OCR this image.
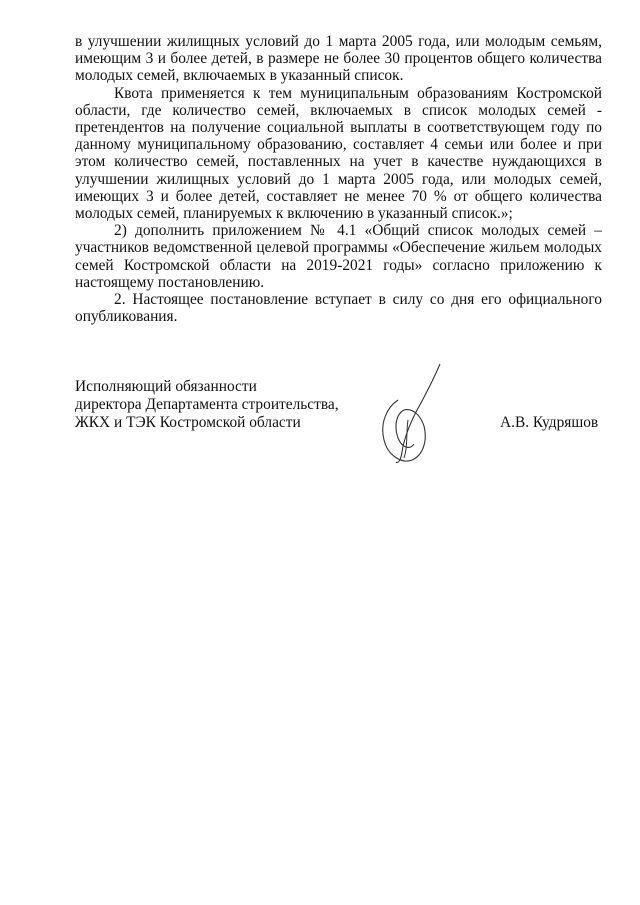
в улучшении жилищных условий до 1 марта 2005 года, или молодым семьям, имеющим 3 и более детей, в размере не более 30 процентов общего количества молодых семей, включаемых в указанный список.

Квота применяется к тем муниципальным образованиям Костромской области, где количество семей, включаемых в список молодых семей - претендентов на получение социальной выплаты в соответствующем году по данному муниципальному образованию, составляет 4 семьи или более и при этом количество семей, поставленных на учет в качестве нуждающихся в улучшении жилищных условий до 1 марта 2005 года, или молодых семей, имеющих 3 и более детей, составляет не менее 70 % от общего количества молодых семей, планируемых к включению в указанный список.»;

2) дополнить приложением № 4.1 «Общий список молодых семей – участников ведомственной целевой программы «Обеспечение жильем молодых семей Костромской области на 2019-2021 годы» согласно приложению к настоящему постановлению.

2. Настоящее постановление вступает в силу со дня его официального опубликования.

Исполняющий обязанности
директора Департамента строительства,
ЖКХ и ТЭК Костромской области	А.В. Кудряшов
